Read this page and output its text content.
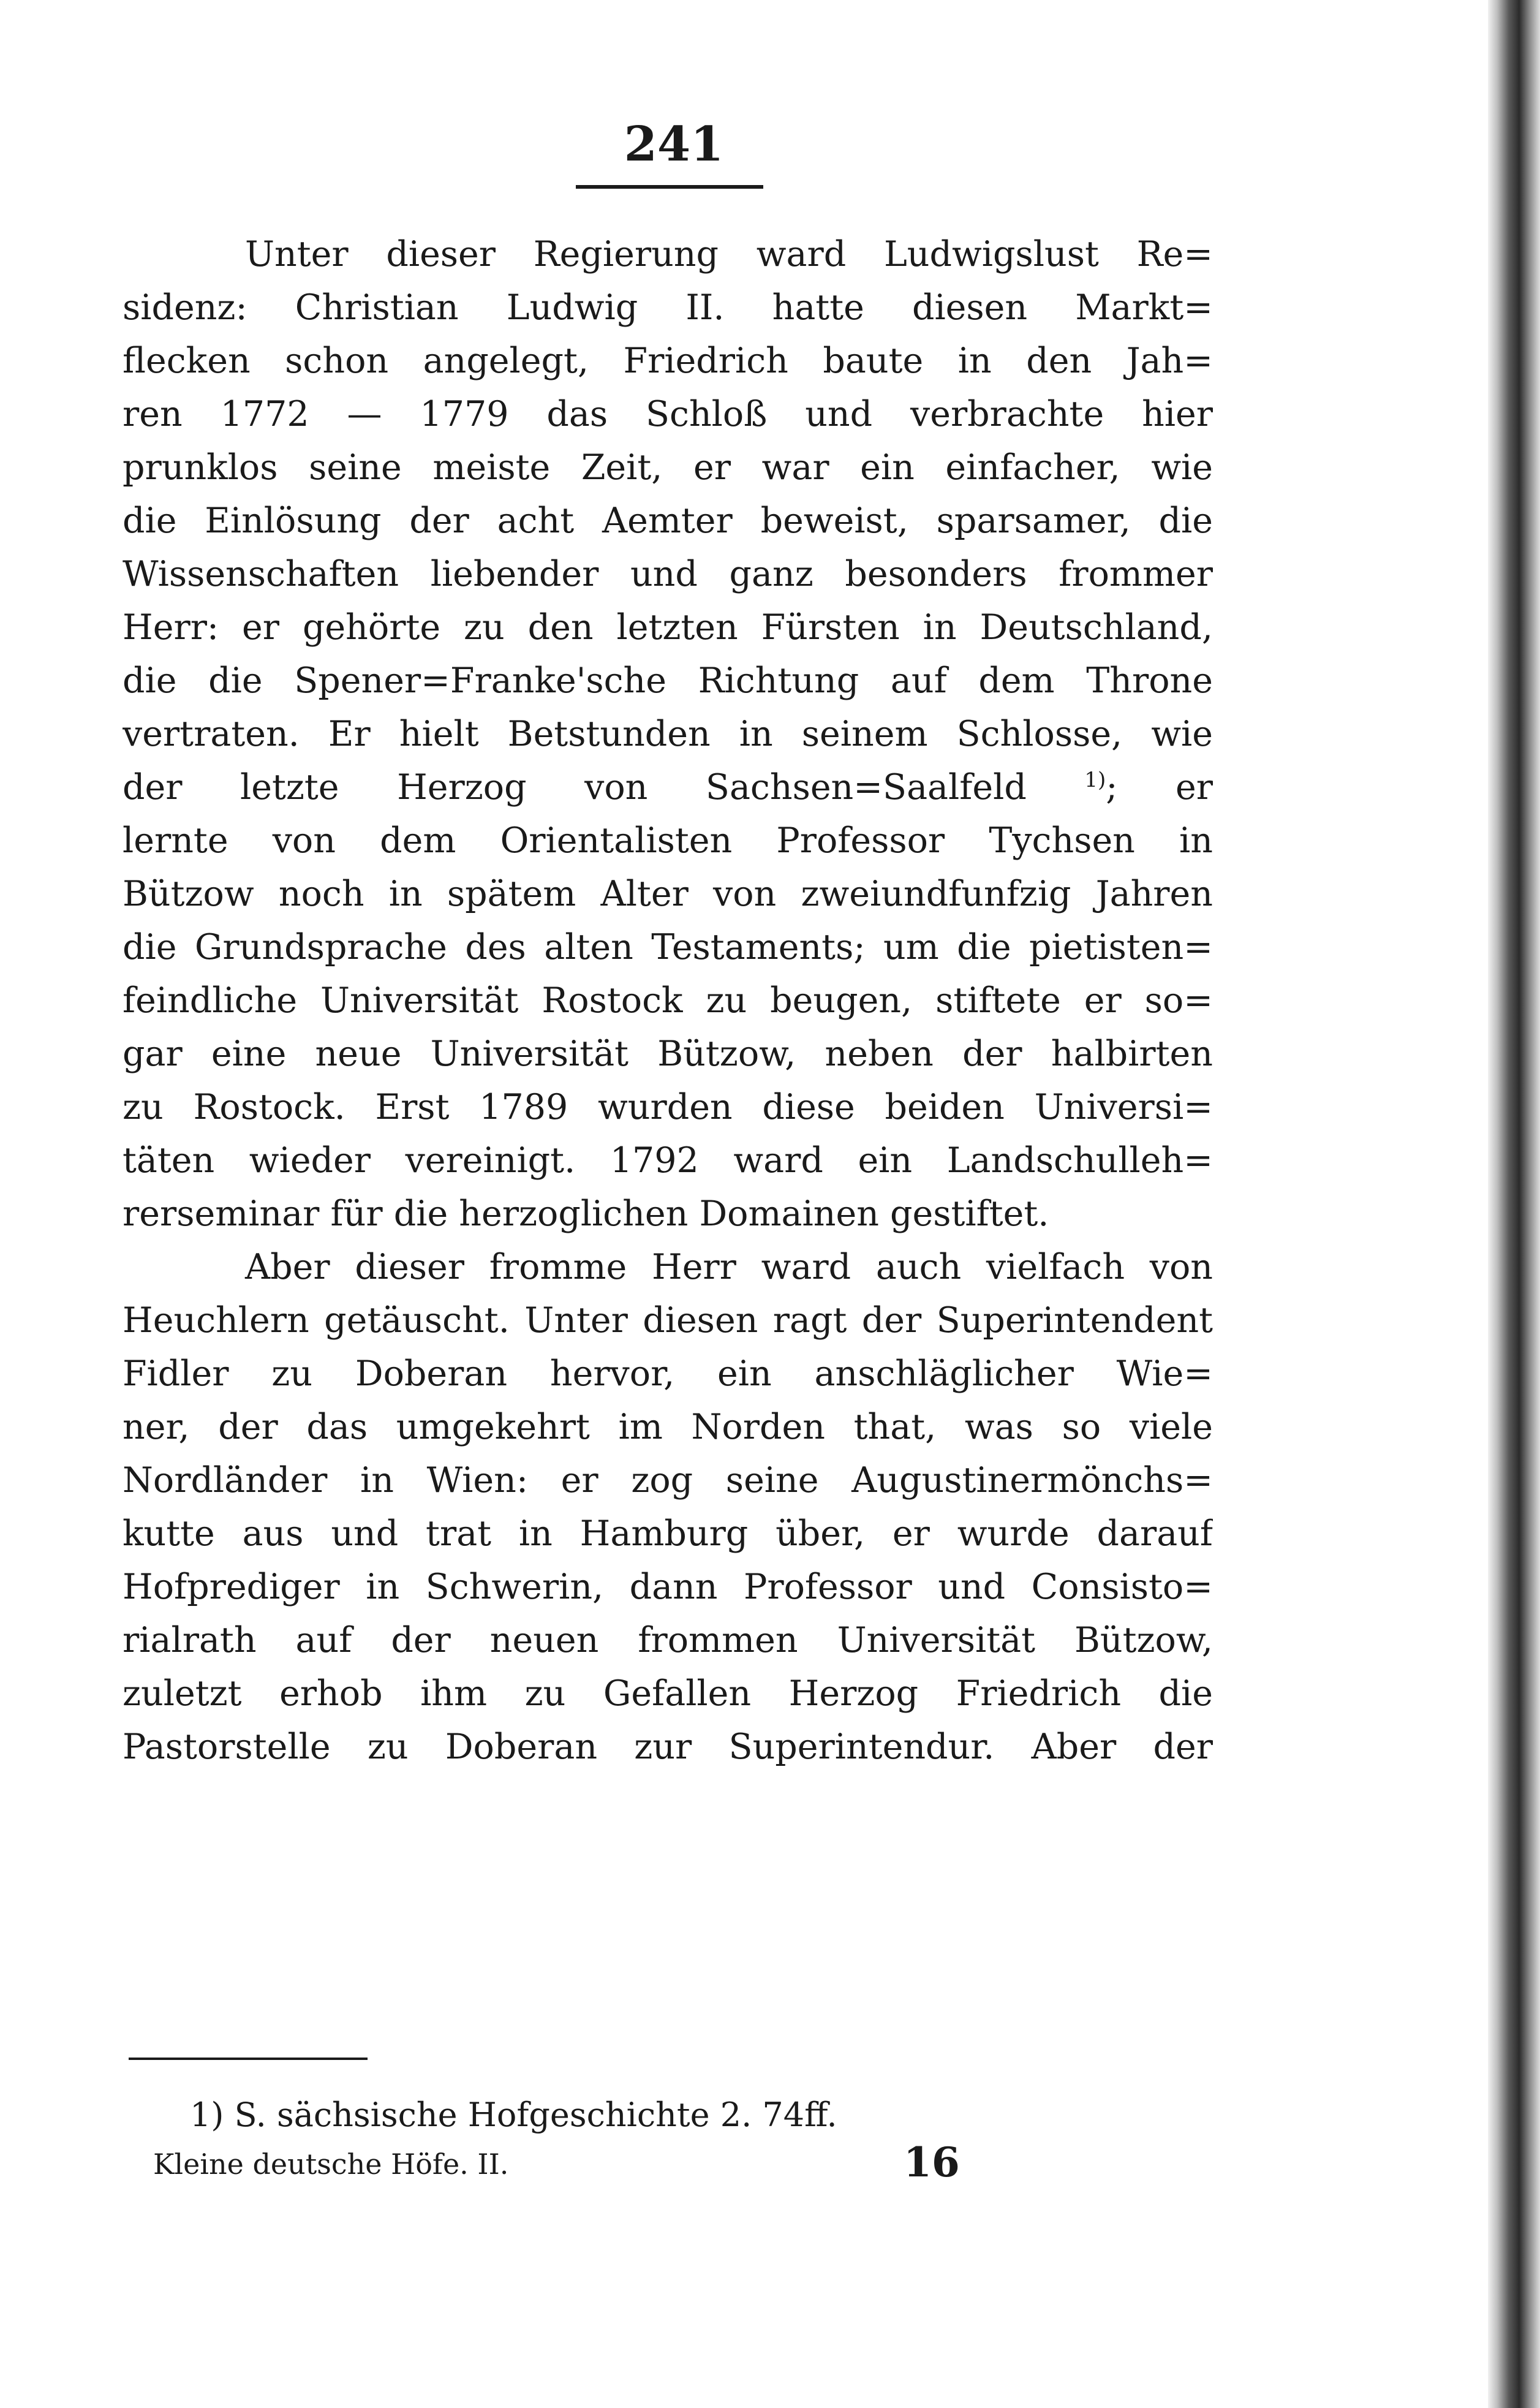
241
Unter dieser Regierung ward Ludwigslust Re=
sidenz: Christian Ludwig II. hatte diesen Markt=
flecken schon angelegt, Friedrich baute in den Jah=
ren 1772 — 1779 das Schloß und verbrachte hier
prunklos seine meiste Zeit, er war ein einfacher, wie
die Einlösung der acht Aemter beweist, sparsamer, die
Wissenschaften liebender und ganz besonders frommer
Herr: er gehörte zu den letzten Fürsten in Deutschland,
die die Spener=Franke'sche Richtung auf dem Throne
vertraten. Er hielt Betstunden in seinem Schlosse, wie
der letzte Herzog von Sachsen=Saalfeld	$^{1)}$; er
lernte von dem Orientalisten Professor Tychsen in
Bützow noch in spätem Alter von zweiundfunfzig Jahren
die Grundsprache des alten Testaments; um die pietisten=
feindliche Universität Rostock zu beugen, stiftete er so=
gar eine neue Universität Bützow, neben der halbirten
zu Rostock. Erst 1789 wurden diese beiden Universi=
täten wieder vereinigt. 1792 ward ein Landschulleh=
rerseminar für die herzoglichen Domainen gestiftet.
Aber dieser fromme Herr ward auch vielfach von
Heuchlern getäuscht. Unter diesen ragt der Superintendent
Fidler zu Doberan hervor, ein anschläglicher Wie=
ner, der das umgekehrt im Norden that, was so viele
Nordländer in Wien: er zog seine Augustinermönchs=
kutte aus und trat in Hamburg über, er wurde darauf
Hofprediger in Schwerin, dann Professor und Consisto=
rialrath auf der neuen frommen Universität Bützow,
zuletzt erhob ihm zu Gefallen Herzog Friedrich die
Pastorstelle zu Doberan zur Superintendur. Aber der
1) S. sächsische Hofgeschichte 2. 74ff.
Kleine deutsche Höfe. II.	16
